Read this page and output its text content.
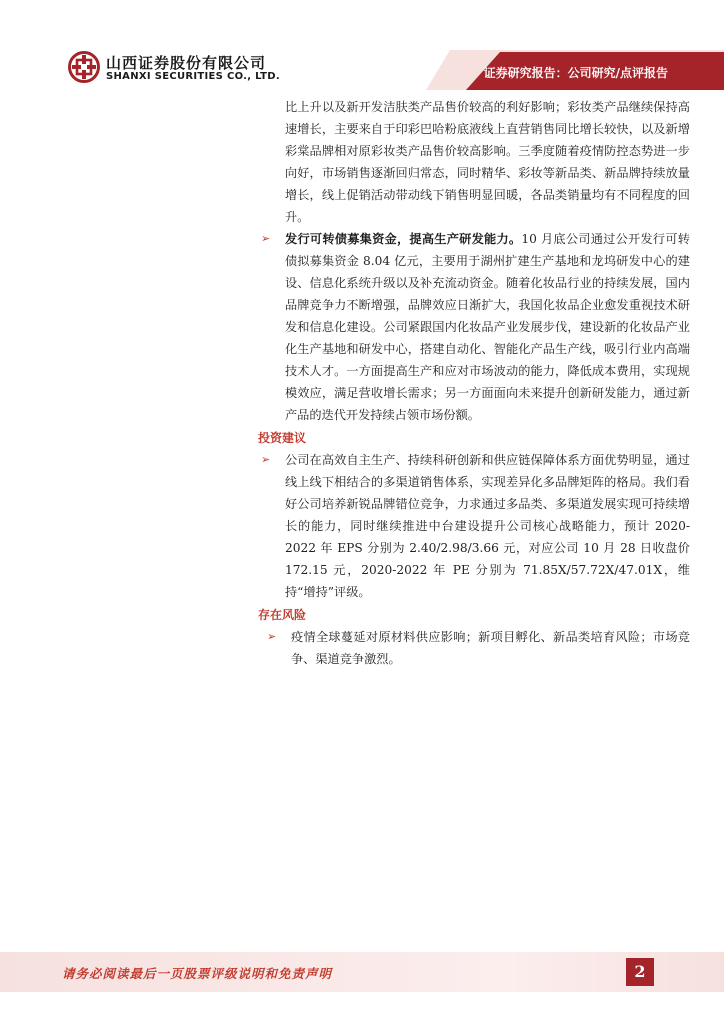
山西证券股份有限公司
SHANXI SECURITIES CO., LTD.	证券研究报告：公司研究/点评报告
比上升以及新开发洁肤类产品售价较高的利好影响；彩妆类产品继续保持高速增长，主要来自于印彩巴哈粉底液线上直营销售同比增长较快，以及新增彩棠品牌相对原彩妆类产品售价较高影响。三季度随着疫情防控态势进一步向好，市场销售逐渐回归常态，同时精华、彩妆等新品类、新品牌持续放量增长，线上促销活动带动线下销售明显回暖，各品类销量均有不同程度的回升。
➢	发行可转债募集资金，提高生产研发能力。10 月底公司通过公开发行可转债拟募集资金 8.04 亿元，主要用于湖州扩建生产基地和龙坞研发中心的建设、信息化系统升级以及补充流动资金。随着化妆品行业的持续发展，国内品牌竞争力不断增强，品牌效应日渐扩大，我国化妆品企业愈发重视技术研发和信息化建设。公司紧跟国内化妆品产业发展步伐，建设新的化妆品产业化生产基地和研发中心，搭建自动化、智能化产品生产线，吸引行业内高端技术人才。一方面提高生产和应对市场波动的能力，降低成本费用，实现规模效应，满足营收增长需求；另一方面面向未来提升创新研发能力，通过新产品的迭代开发持续占领市场份额。
投资建议
➢	公司在高效自主生产、持续科研创新和供应链保障体系方面优势明显，通过线上线下相结合的多渠道销售体系，实现差异化多品牌矩阵的格局。我们看好公司培养新锐品牌错位竞争，力求通过多品类、多渠道发展实现可持续增长的能力，同时继续推进中台建设提升公司核心战略能力，预计 2020-2022 年 EPS 分别为 2.40/2.98/3.66 元，对应公司 10 月 28 日收盘价 172.15 元，2020-2022 年 PE 分别为 71.85X/57.72X/47.01X，维持“增持”评级。
存在风险
➢	疫情全球蔓延对原材料供应影响；新项目孵化、新品类培育风险；市场竞争、渠道竞争激烈。
请务必阅读最后一页股票评级说明和免责声明	2
